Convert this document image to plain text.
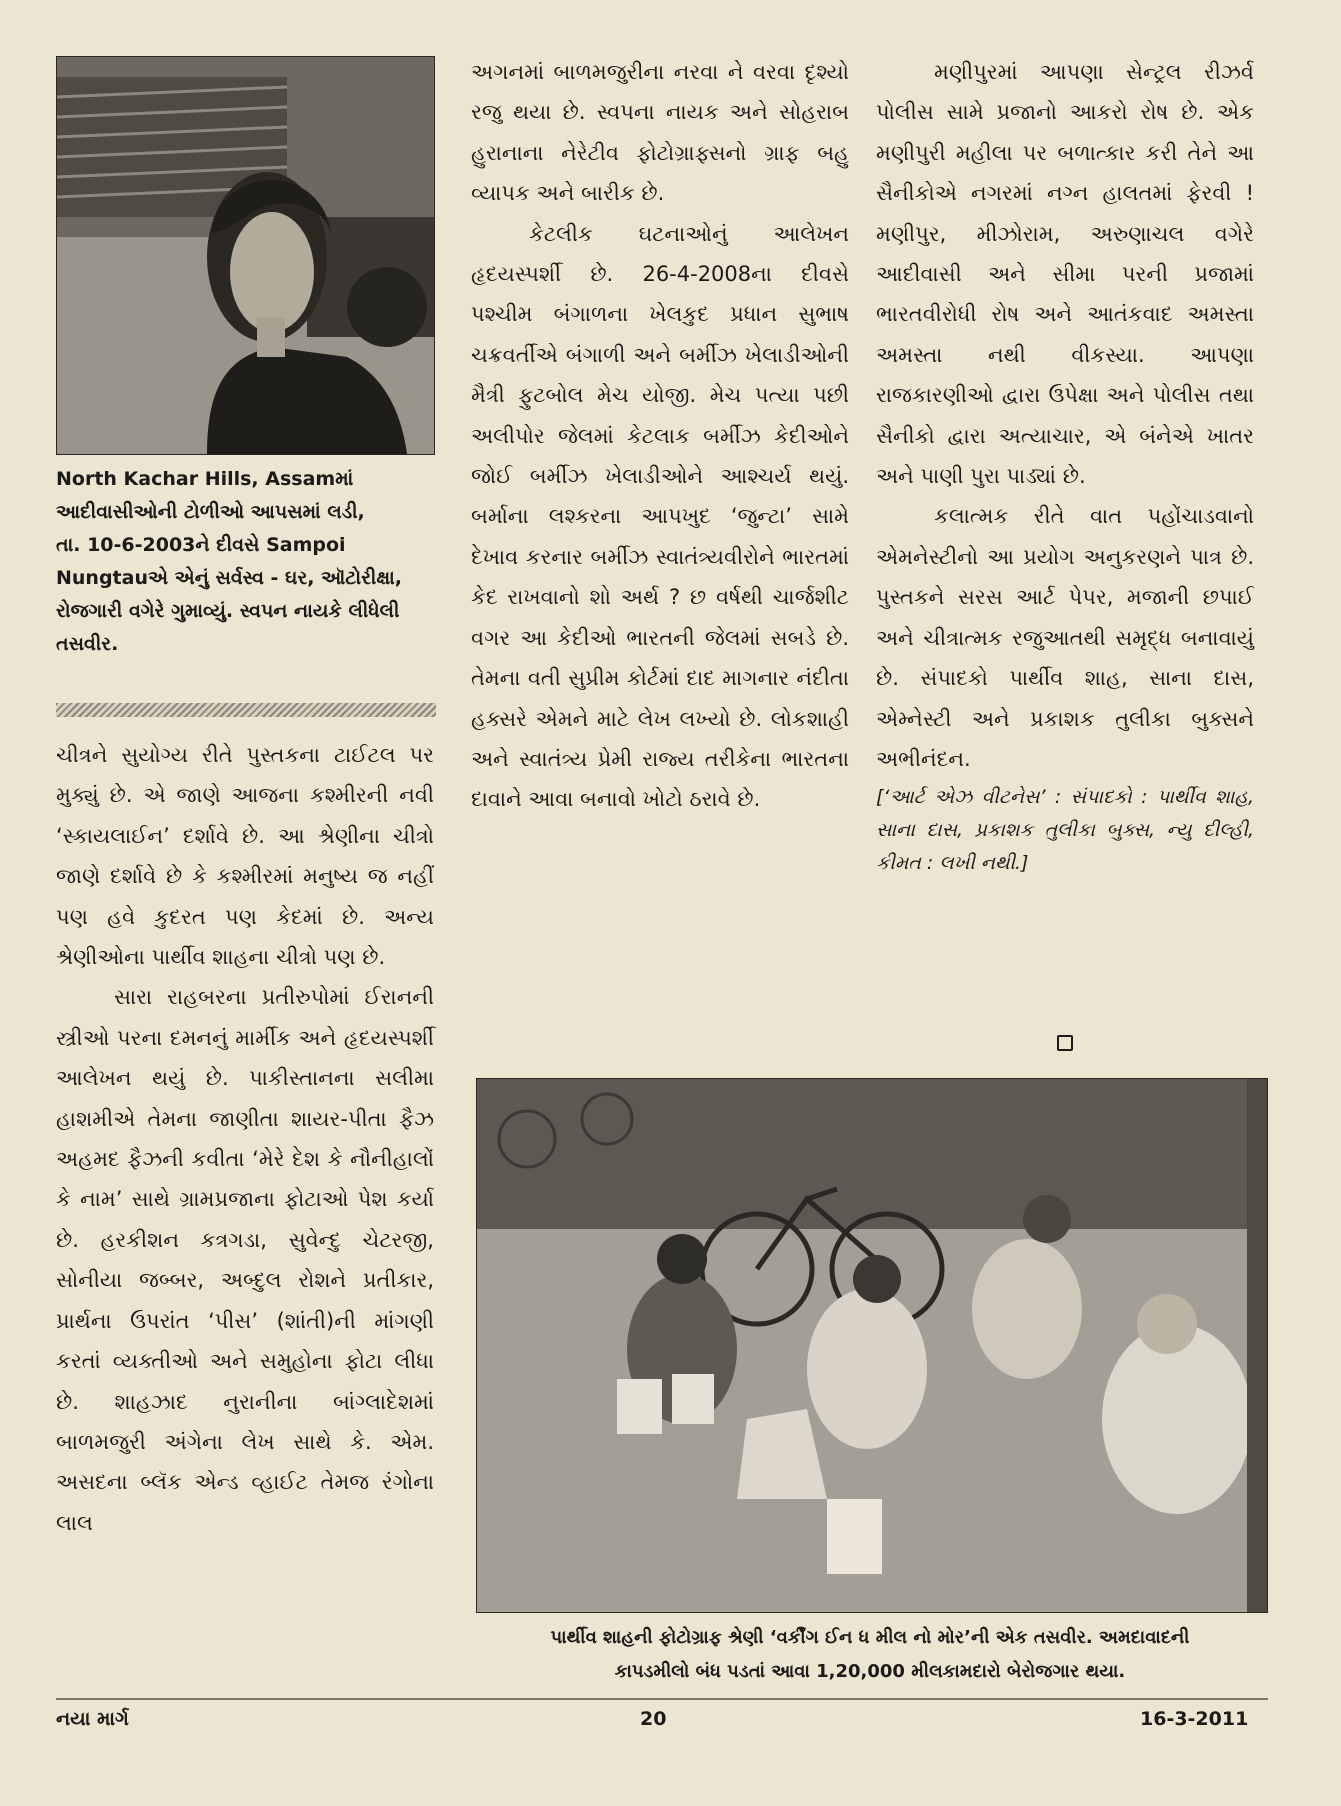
North Kachar Hills, Assamમાં
આદીવાસીઓની ટોળીઓ આપસમાં લડી,
તા. 10-6-2003ને દીવસે Sampoi
Nungtauએ એનું સર્વસ્વ - ઘર, ઑટોરીક્ષા,
રોજગારી વગેરે ગુમાવ્યું. સ્વપન નાયકે લીધેલી
તસવીર.

ચીત્રને સુયોગ્ય રીતે પુસ્તકના ટાઈટલ પર મુક્યું છે. એ જાણે આજના કશ્મીરની નવી ‘સ્કાયલાઈન’ દર્શાવે છે. આ શ્રેણીના ચીત્રો જાણે દર્શાવે છે કે કશ્મીરમાં મનુષ્ય જ નહીં પણ હવે કુદરત પણ કેદમાં છે. અન્ય શ્રેણીઓના પાર્થીવ શાહના ચીત્રો પણ છે.

સારા રાહબરના પ્રતીરુપોમાં ઈરાનની સ્ત્રીઓ પરના દમનનું માર્મીક અને હૃદયસ્પર્શી આલેખન થયું છે. પાકીસ્તાનના સલીમા હાશમીએ તેમના જાણીતા શાયર-પીતા ફૈઝ અહમદ ફૈઝની કવીતા ‘મેરે દેશ કે નૌનીહાલોં કે નામ’ સાથે ગ્રામપ્રજાના ફોટાઓ પેશ કર્યા છે. હરકીશન કત્રગડા, સુવેન્દુ ચેટરજી, સોનીયા જબ્બર, અબ્દુલ રોશને પ્રતીકાર, પ્રાર્થના ઉપરાંત ‘પીસ’ (શાંતી)ની માંગણી કરતાં વ્યક્તીઓ અને સમુહોના ફોટા લીધા છે. શાહઝાદ નુરાનીના બાંગ્લાદેશમાં બાળમજુરી અંગેના લેખ સાથે કે. એમ. અસદના બ્લૅક એન્ડ વ્હાઈટ તેમજ રંગોના લાલ

અગનમાં બાળમજુરીના નરવા ને વરવા દૃશ્યો રજુ થયા છે. સ્વપના નાયક અને સોહરાબ હુરાનાના નેરેટીવ ફોટોગ્રાફ્સનો ગ્રાફ બહુ વ્યાપક અને બારીક છે.

કેટલીક ઘટનાઓનું આલેખન હૃદયસ્પર્શી છે. 26-4-2008ના દીવસે પશ્ચીમ બંગાળના ખેલકુદ પ્રધાન સુભાષ ચક્રવર્તીએ બંગાળી અને બર્મીઝ ખેલાડીઓની મૈત્રી ફુટબોલ મેચ યોજી. મેચ પત્યા પછી અલીપોર જેલમાં કેટલાક બર્મીઝ કેદીઓને જોઈ બર્મીઝ ખેલાડીઓને આશ્ચર્ય થયું. બર્માના લશ્કરના આપખુદ ‘જુન્ટા’ સામે દેખાવ કરનાર બર્મીઝ સ્વાતંત્ર્યવીરોને ભારતમાં કેદ રાખવાનો શો અર્થ ? છ વર્ષથી ચાર્જશીટ વગર આ કેદીઓ ભારતની જેલમાં સબડે છે. તેમના વતી સુપ્રીમ કોર્ટમાં દાદ માગનાર નંદીતા હક્સરે એમને માટે લેખ લખ્યો છે. લોકશાહી અને સ્વાતંત્ર્ય પ્રેમી રાજ્ય તરીકેના ભારતના દાવાને આવા બનાવો ખોટો ઠરાવે છે.

મણીપુરમાં આપણા સેન્ટ્રલ રીઝર્વ પોલીસ સામે પ્રજાનો આકરો રોષ છે. એક મણીપુરી મહીલા પર બળાત્કાર કરી તેને આ સૈનીકોએ નગરમાં નગ્ન હાલતમાં ફેરવી ! મણીપુર, મીઝોરામ, અરુણાચલ વગેરે આદીવાસી અને સીમા પરની પ્રજામાં ભારતવીરોધી રોષ અને આતંકવાદ અમસ્તા અમસ્તા નથી વીકસ્યા. આપણા રાજકારણીઓ દ્વારા ઉપેક્ષા અને પોલીસ તથા સૈનીકો દ્વારા અત્યાચાર, એ બંનેએ ખાતર અને પાણી પુરા પાડ્યાં છે.

કલાત્મક રીતે વાત પહોંચાડવાનો એમનેસ્ટીનો આ પ્રયોગ અનુકરણને પાત્ર છે. પુસ્તકને સરસ આર્ટ પેપર, મજાની છપાઈ અને ચીત્રાત્મક રજુઆતથી સમૃદ્ધ બનાવાયું છે. સંપાદકો પાર્થીવ શાહ, સાના દાસ, એમ્નેસ્ટી અને પ્રકાશક તુલીકા બુક્સને અભીનંદન.

[‘આર્ટ એઝ વીટનેસ’ : સંપાદકો : પાર્થીવ શાહ, સાના દાસ, પ્રકાશક તુલીકા બુક્સ, ન્યુ દીલ્હી, કીમત : લખી નથી.]

પાર્થીવ શાહની ફોટોગ્રાફ શ્રેણી ‘વર્કીંગ ઈન ધ મીલ નો મોર’ની એક તસવીર. અમદાવાદની
કાપડમીલો બંધ પડતાં આવા 1,20,000 મીલકામદારો બેરોજગાર થયા.
નયા માર્ગ	20	16-3-2011
